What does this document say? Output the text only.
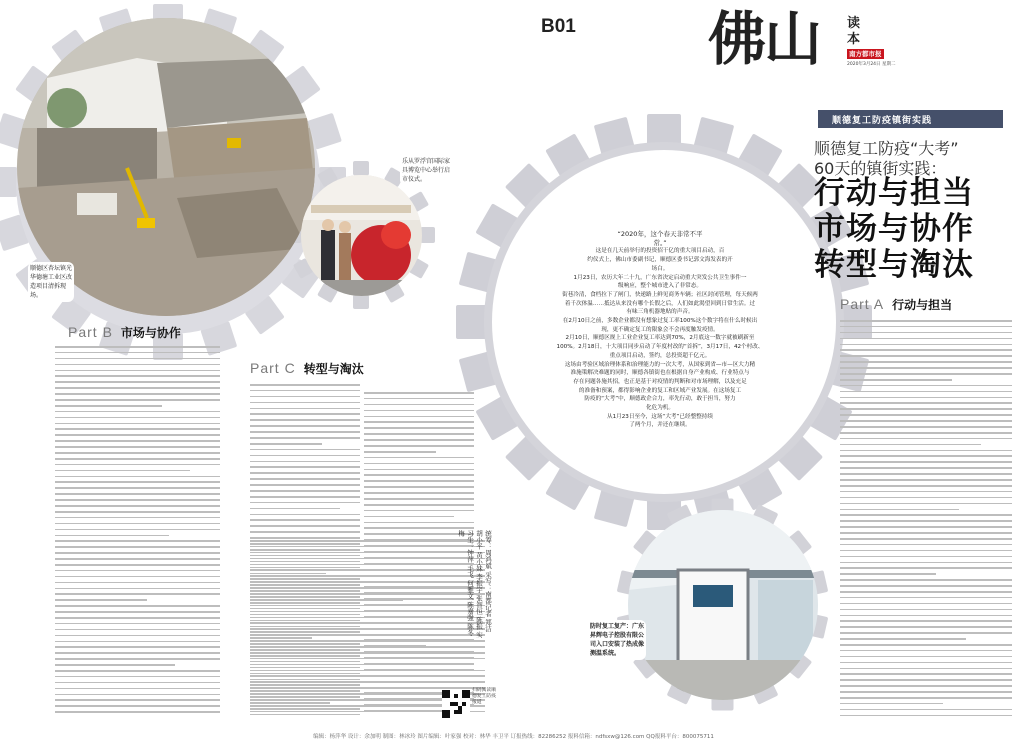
顺德区杏坛镇光华德塘工业区改造项目清拆现场。
乐从罗浮宫国际家具博览中心举行启市仪式。
防时复工复产：广东昇辉电子控股有限公司入口安装了热成像测温系统。
B01 佛山 读本
南方都市报
2020年3月24日 星期二
顺德复工防疫镇街实践
顺德复工防疫“大考”
60天的镇街实践：
行动与担当
市场与协作
转型与淘汰
Part A 行动与担当
Part B 市场与协作
Part C 转型与淘汰
“2020年，这个春天非常不平
常。”
这是在几天前举行的投资招干亿的重大项目启动，百
约仪式上，佛山市委副书记，顺德区委书记郭文海发表的开
场白。
1月23日，农历大年二十九，广东省决定启动重大突发公共卫生事件一
级响应，整个城市进入了非常态。
街巷冷清，食档拉下了闸门，快递路上鲜见商务车辆；社区封闭管理，每天候两
着千次体温……抵达从来没有哪个长假之后，人们如此渴望回到日常生活。过
有味三角机器地贴的声音。
在2月10日之前，多数企业都没有想象过复工率100%这个数字将在什么时候出
现，更不确定复工的限象会不会再度触发疫情。
2月10日，顺德区规上工业企业复工率达到70%，2月底这一数字就被刷新至
100%。2月18日，十大项目同步启动了年度村改的“首拆”，3月17日，42个村改、
重点项目启动，签约，总投资超千亿元。
这场由考验区域治理体系和治理能力的一次大考，从国家到省—市—区大力精
准施策解决难题的同时，顺德各镇街也在根据自身产业构成、行业特点与
存在问题各施其招，也正是基于对疫情的判断和对市场理解，以及充足
的准备和预案，都得影响企业的复工和区域产业发展。在这场复工
防疫的“大考”中，顺德政企合力，率先行动，敢于担当，努力
化危为机。
从1月23日至今，这场“大考”已经整整持续
了两个月，并还在继续。
统筹：周鸿斌 采写：南都记者 郑洁 胡小平 黄小妹 李振宇 张智恒 陈振 实习生：钟萍 毛飞 何雅文 陈嘉强 陈冬梅
扫码阅读顺德复工防疫报道
编辑：杨萍华 设计：余加明 制图：林冰玲 图片编辑：叶家强 校对：林华 丰卫平 订报热线：82286252 报料信箱：ndfsxw@126.com QQ报料平台：800075711
